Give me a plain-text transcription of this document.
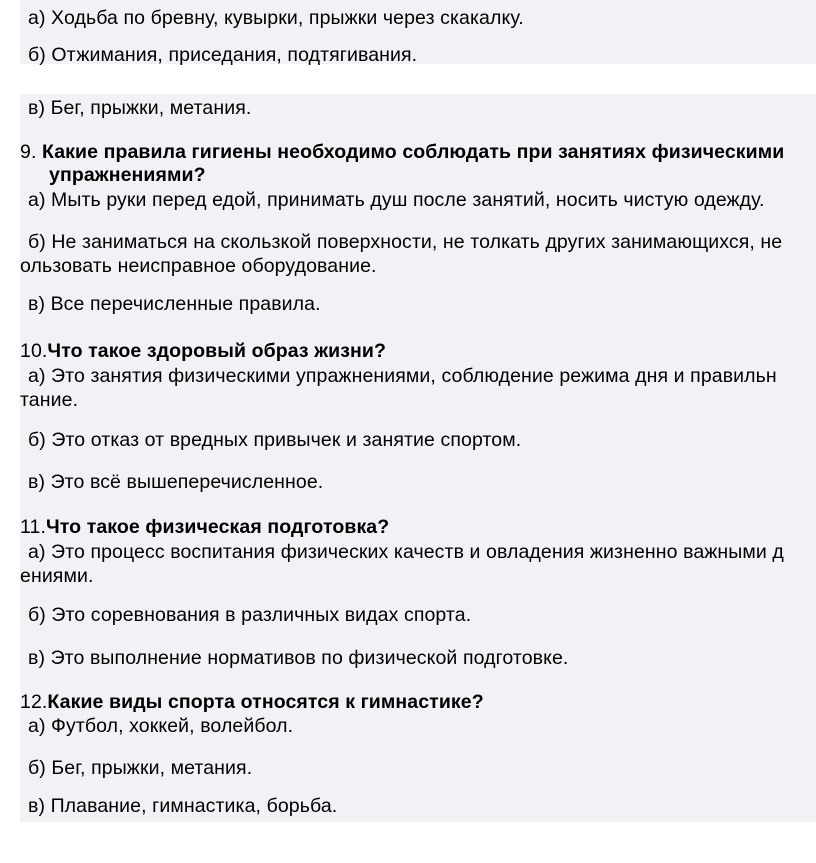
а) Ходьба по бревну, кувырки, прыжки через скакалку.
б) Отжимания, приседания, подтягивания.
в) Бег, прыжки, метания.
9. Какие правила гигиены необходимо соблюдать при занятиях физическими
упражнениями?
а) Мыть руки перед едой, принимать душ после занятий, носить чистую одежду.
б) Не заниматься на скользкой поверхности, не толкать других занимающихся, не
ользовать неисправное оборудование.
в) Все перечисленные правила.
10.Что такое здоровый образ жизни?
а) Это занятия физическими упражнениями, соблюдение режима дня и правильн
тание.
б) Это отказ от вредных привычек и занятие спортом.
в) Это всё вышеперечисленное.
11.Что такое физическая подготовка?
а) Это процесс воспитания физических качеств и овладения жизненно важными д
ениями.
б) Это соревнования в различных видах спорта.
в) Это выполнение нормативов по физической подготовке.
12.Какие виды спорта относятся к гимнастике?
а) Футбол, хоккей, волейбол.
б) Бег, прыжки, метания.
в) Плавание, гимнастика, борьба.
